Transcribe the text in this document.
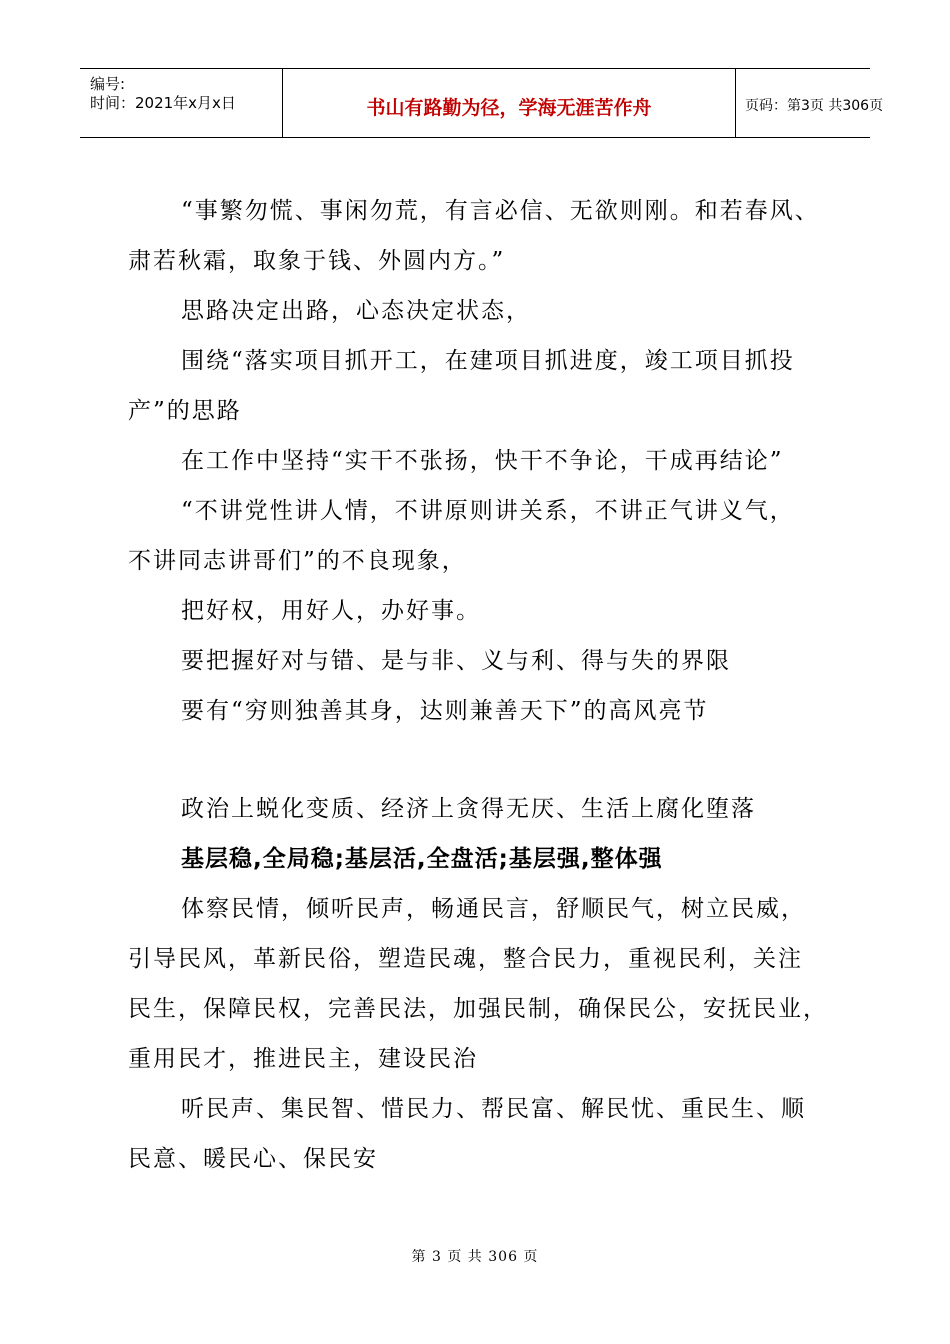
编号:
时间：2021年x月x日	书山有路勤为径，学海无涯苦作舟	页码：第3页 共306页
“事繁勿慌、事闲勿荒，有言必信、无欲则刚。和若春风、
肃若秋霜，取象于钱、外圆内方。”
思路决定出路，心态决定状态，
围绕“落实项目抓开工，在建项目抓进度，竣工项目抓投
产”的思路
在工作中坚持“实干不张扬，快干不争论，干成再结论”
“不讲党性讲人情，不讲原则讲关系，不讲正气讲义气，
不讲同志讲哥们”的不良现象，
把好权，用好人，办好事。
要把握好对与错、是与非、义与利、得与失的界限
要有“穷则独善其身，达则兼善天下”的高风亮节
政治上蜕化变质、经济上贪得无厌、生活上腐化堕落
基层稳,全局稳;基层活,全盘活;基层强,整体强
体察民情，倾听民声，畅通民言，舒顺民气，树立民威，
引导民风，革新民俗，塑造民魂，整合民力，重视民利，关注
民生，保障民权，完善民法，加强民制，确保民公，安抚民业，
重用民才，推进民主，建设民治
听民声、集民智、惜民力、帮民富、解民忧、重民生、顺
民意、暖民心、保民安
第 3 页 共 306 页
